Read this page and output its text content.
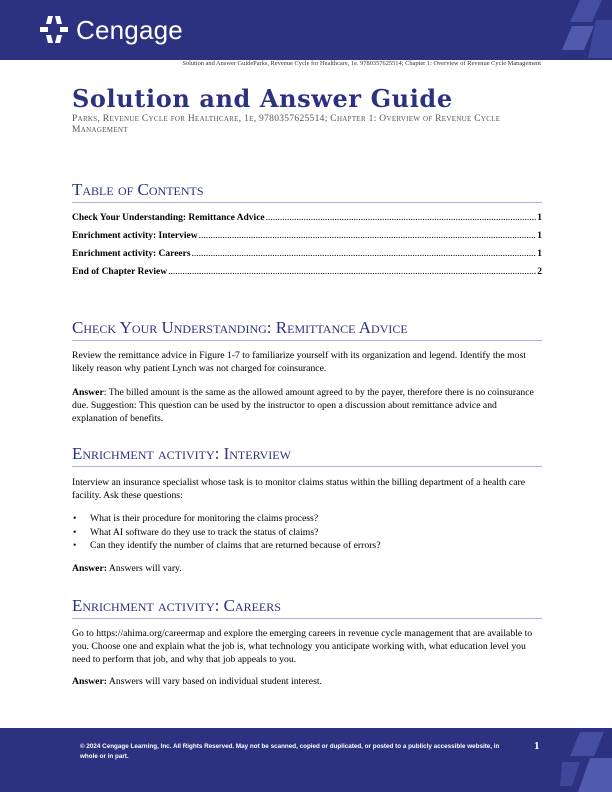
Cengage
Solution and Answer GuideParks, Revenue Cycle for Healthcare, 1e. 9780357625514; Chapter 1: Overview of Revenue Cycle Management
Solution and Answer Guide
Parks, Revenue Cycle for Healthcare, 1e, 9780357625514; Chapter 1: Overview of Revenue Cycle Management
Table of Contents
Check Your Understanding: Remittance Advice .....	1
Enrichment activity: Interview .....	1
Enrichment activity: Careers .....	1
End of Chapter Review .....	2
Check Your Understanding: Remittance Advice
Review the remittance advice in Figure 1-7 to familiarize yourself with its organization and legend. Identify the most likely reason why patient Lynch was not charged for coinsurance.
Answer: The billed amount is the same as the allowed amount agreed to by the payer, therefore there is no coinsurance due. Suggestion: This question can be used by the instructor to open a discussion about remittance advice and explanation of benefits.
Enrichment activity: Interview
Interview an insurance specialist whose task is to monitor claims status within the billing department of a health care facility. Ask these questions:
• What is their procedure for monitoring the claims process?
• What AI software do they use to track the status of claims?
• Can they identify the number of claims that are returned because of errors?
Answer: Answers will vary.
Enrichment activity: Careers
Go to https://ahima.org/careermap and explore the emerging careers in revenue cycle management that are available to you. Choose one and explain what the job is, what technology you anticipate working with, what education level you need to perform that job, and why that job appeals to you.
Answer: Answers will vary based on individual student interest.
© 2024 Cengage Learning, Inc. All Rights Reserved. May not be scanned, copied or duplicated, or posted to a publicly accessible website, in whole or in part.
1
